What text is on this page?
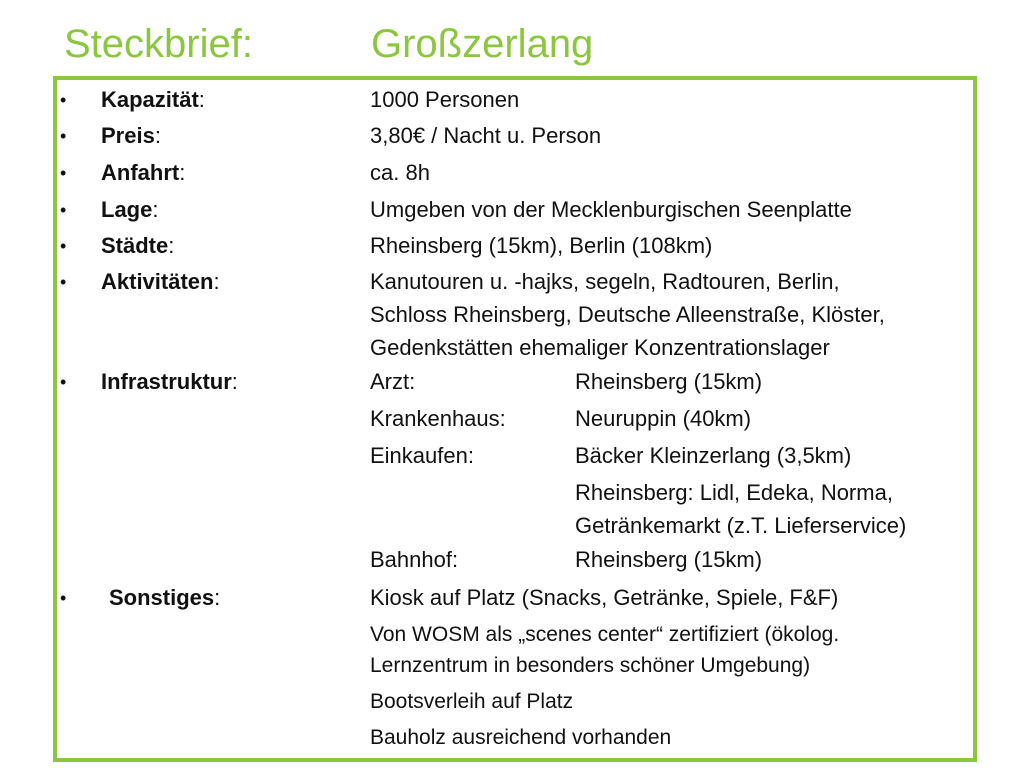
Steckbrief:	Großzerlang
• Kapazität:	1000 Personen
• Preis:	3,80€ / Nacht u. Person
• Anfahrt:	ca. 8h
• Lage:	Umgeben von der Mecklenburgischen Seenplatte
• Städte:	Rheinsberg (15km), Berlin (108km)
• Aktivitäten:	Kanutouren u. -hajks, segeln, Radtouren, Berlin,
Schloss Rheinsberg, Deutsche Alleenstraße, Klöster,
Gedenkstätten ehemaliger Konzentrationslager
• Infrastruktur:	Arzt:	Rheinsberg (15km)
Krankenhaus:	Neuruppin (40km)
Einkaufen:	Bäcker Kleinzerlang (3,5km)
Rheinsberg: Lidl, Edeka, Norma,
Getränkemarkt (z.T. Lieferservice)
Bahnhof:	Rheinsberg (15km)
• Sonstiges:	Kiosk auf Platz (Snacks, Getränke, Spiele, F&F)
Von WOSM als „scenes center“ zertifiziert (ökolog.
Lernzentrum in besonders schöner Umgebung)
Bootsverleih auf Platz
Bauholz ausreichend vorhanden
